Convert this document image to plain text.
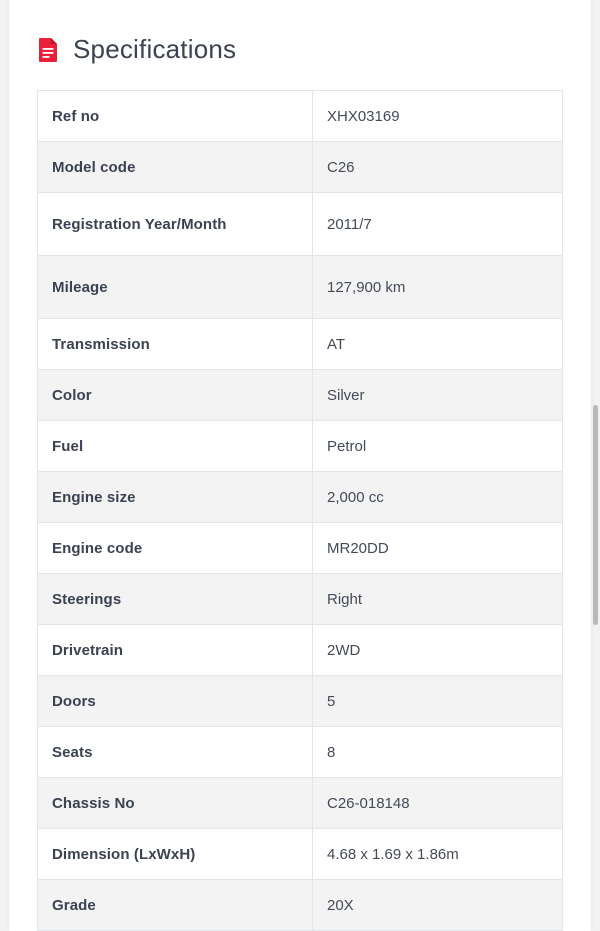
Specifications
Ref no	XHX03169
Model code	C26
Registration Year/Month	2011/7
Mileage	127,900 km
Transmission	AT
Color	Silver
Fuel	Petrol
Engine size	2,000 cc
Engine code	MR20DD
Steerings	Right
Drivetrain	2WD
Doors	5
Seats	8
Chassis No	C26-018148
Dimension (LxWxH)	4.68 x 1.69 x 1.86m
Grade	20X
